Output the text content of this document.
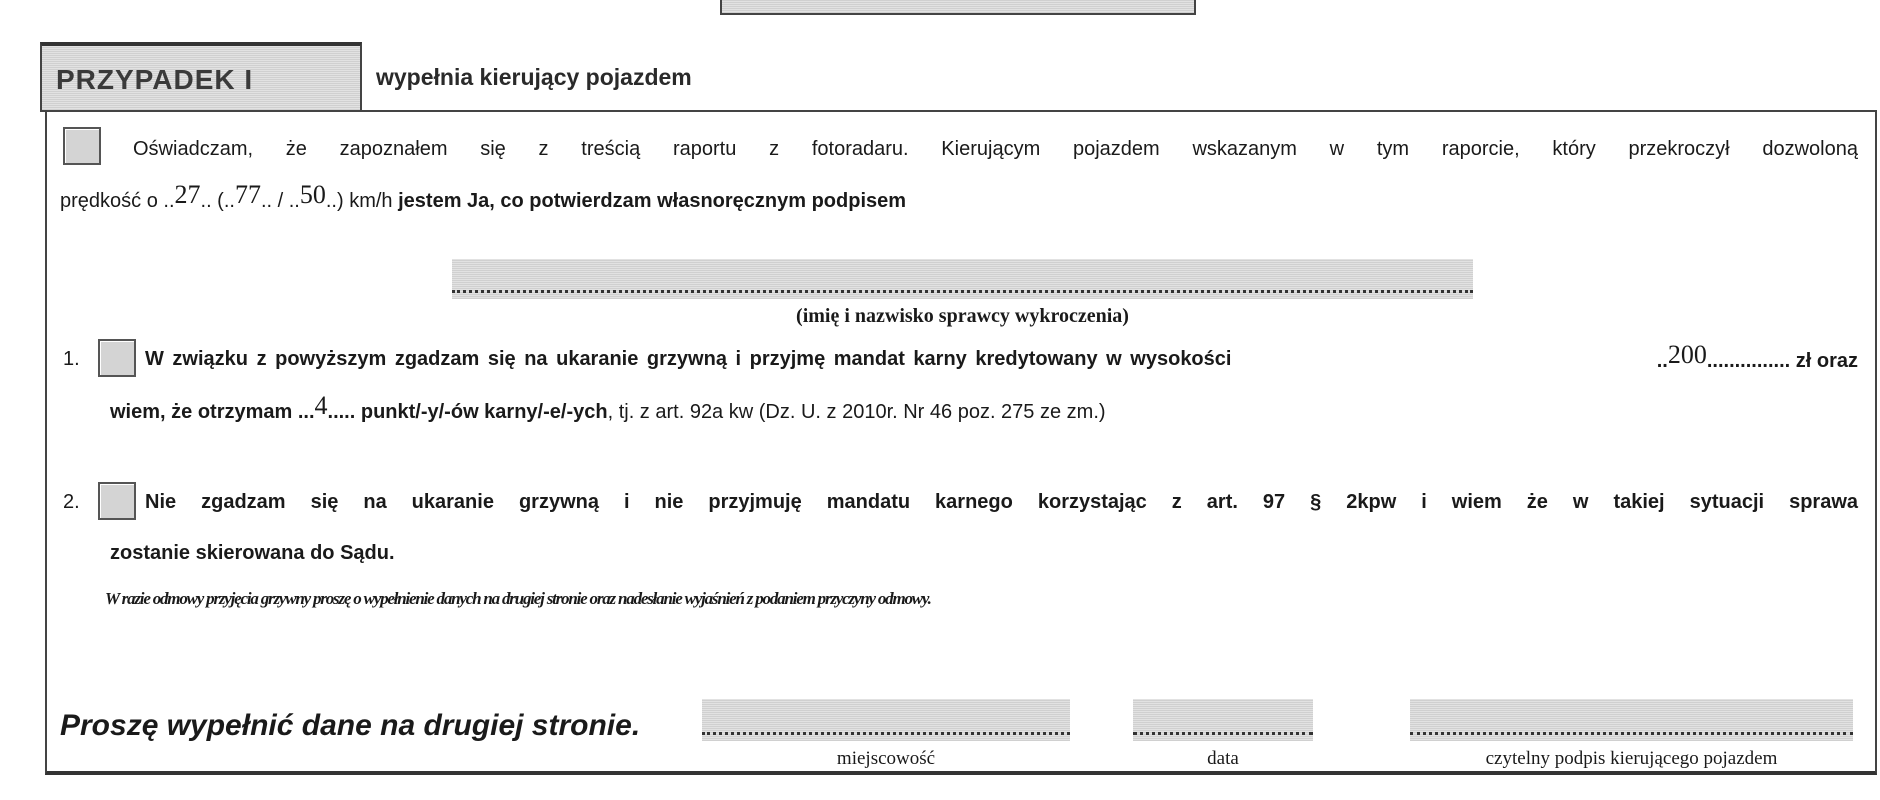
PRZYPADEK I	wypełnia kierujący pojazdem
Oświadczam, że zapoznałem się z treścią raportu z fotoradaru. Kierującym pojazdem wskazanym w tym raporcie, który przekroczył dozwoloną
prędkość o ..27.. (..77.. / ..50..) km/h jestem Ja, co potwierdzam własnoręcznym podpisem
(imię i nazwisko sprawcy wykroczenia)
1.	W związku z powyższym zgadzam się na ukaranie grzywną i przyjmę mandat karny kredytowany w wysokości	..200............... zł oraz
wiem, że otrzymam ...4..... punkt/-y/-ów karny/-e/-ych, tj. z art. 92a kw (Dz. U. z 2010r. Nr 46 poz. 275 ze zm.)
2.	Nie zgadzam się na ukaranie grzywną i nie przyjmuję mandatu karnego korzystając z art. 97 § 2kpw i wiem że w takiej sytuacji sprawa
zostanie skierowana do Sądu.
W razie odmowy przyjęcia grzywny proszę o wypełnienie danych na drugiej stronie oraz nadesłanie wyjaśnień z podaniem przyczyny odmowy.
Proszę wypełnić dane na drugiej stronie.
miejscowość	data	czytelny podpis kierującego pojazdem
